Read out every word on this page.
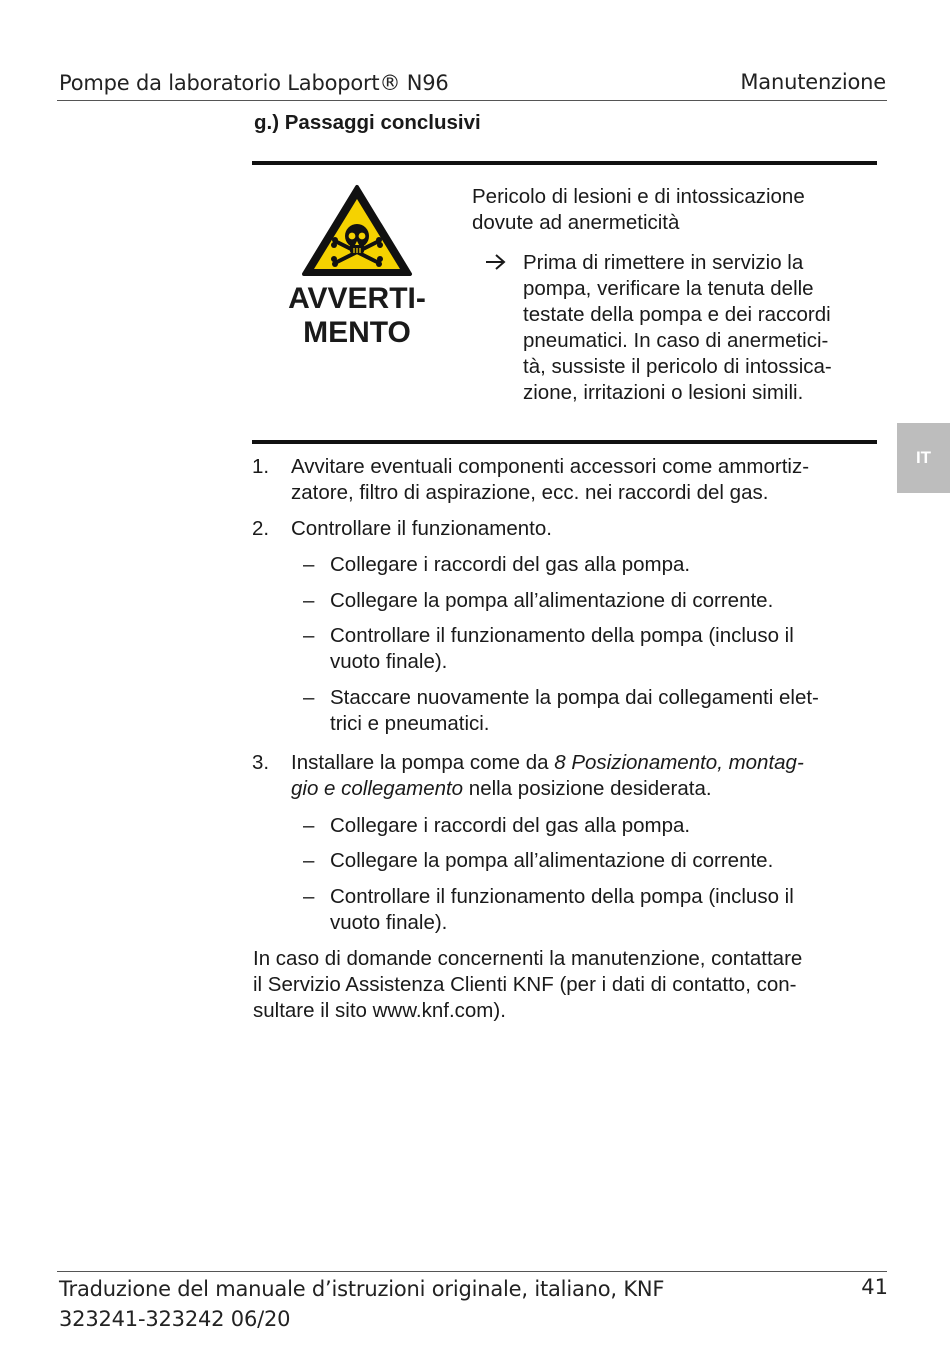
Pompe da laboratorio Laboport® N96	Manutenzione
g.) Passaggi conclusivi
AVVERTI-
MENTO
Pericolo di lesioni e di intossicazione
dovute ad anermeticità
Prima di rimettere in servizio la
pompa, verificare la tenuta delle
testate della pompa e dei raccordi
pneumatici. In caso di anermetici-
tà, sussiste il pericolo di intossica-
zione, irritazioni o lesioni simili.
IT
1. Avvitare eventuali componenti accessori come ammortiz-
zatore, filtro di aspirazione, ecc. nei raccordi del gas.
2. Controllare il funzionamento.
– Collegare i raccordi del gas alla pompa.
– Collegare la pompa all’alimentazione di corrente.
– Controllare il funzionamento della pompa (incluso il
vuoto finale).
– Staccare nuovamente la pompa dai collegamenti elet-
trici e pneumatici.
3. Installare la pompa come da 8 Posizionamento, montag-
gio e collegamento nella posizione desiderata.
– Collegare i raccordi del gas alla pompa.
– Collegare la pompa all’alimentazione di corrente.
– Controllare il funzionamento della pompa (incluso il
vuoto finale).
In caso di domande concernenti la manutenzione, contattare
il Servizio Assistenza Clienti KNF (per i dati di contatto, con-
sultare il sito www.knf.com).
Traduzione del manuale d’istruzioni originale, italiano, KNF
323241-323242 06/20
41
